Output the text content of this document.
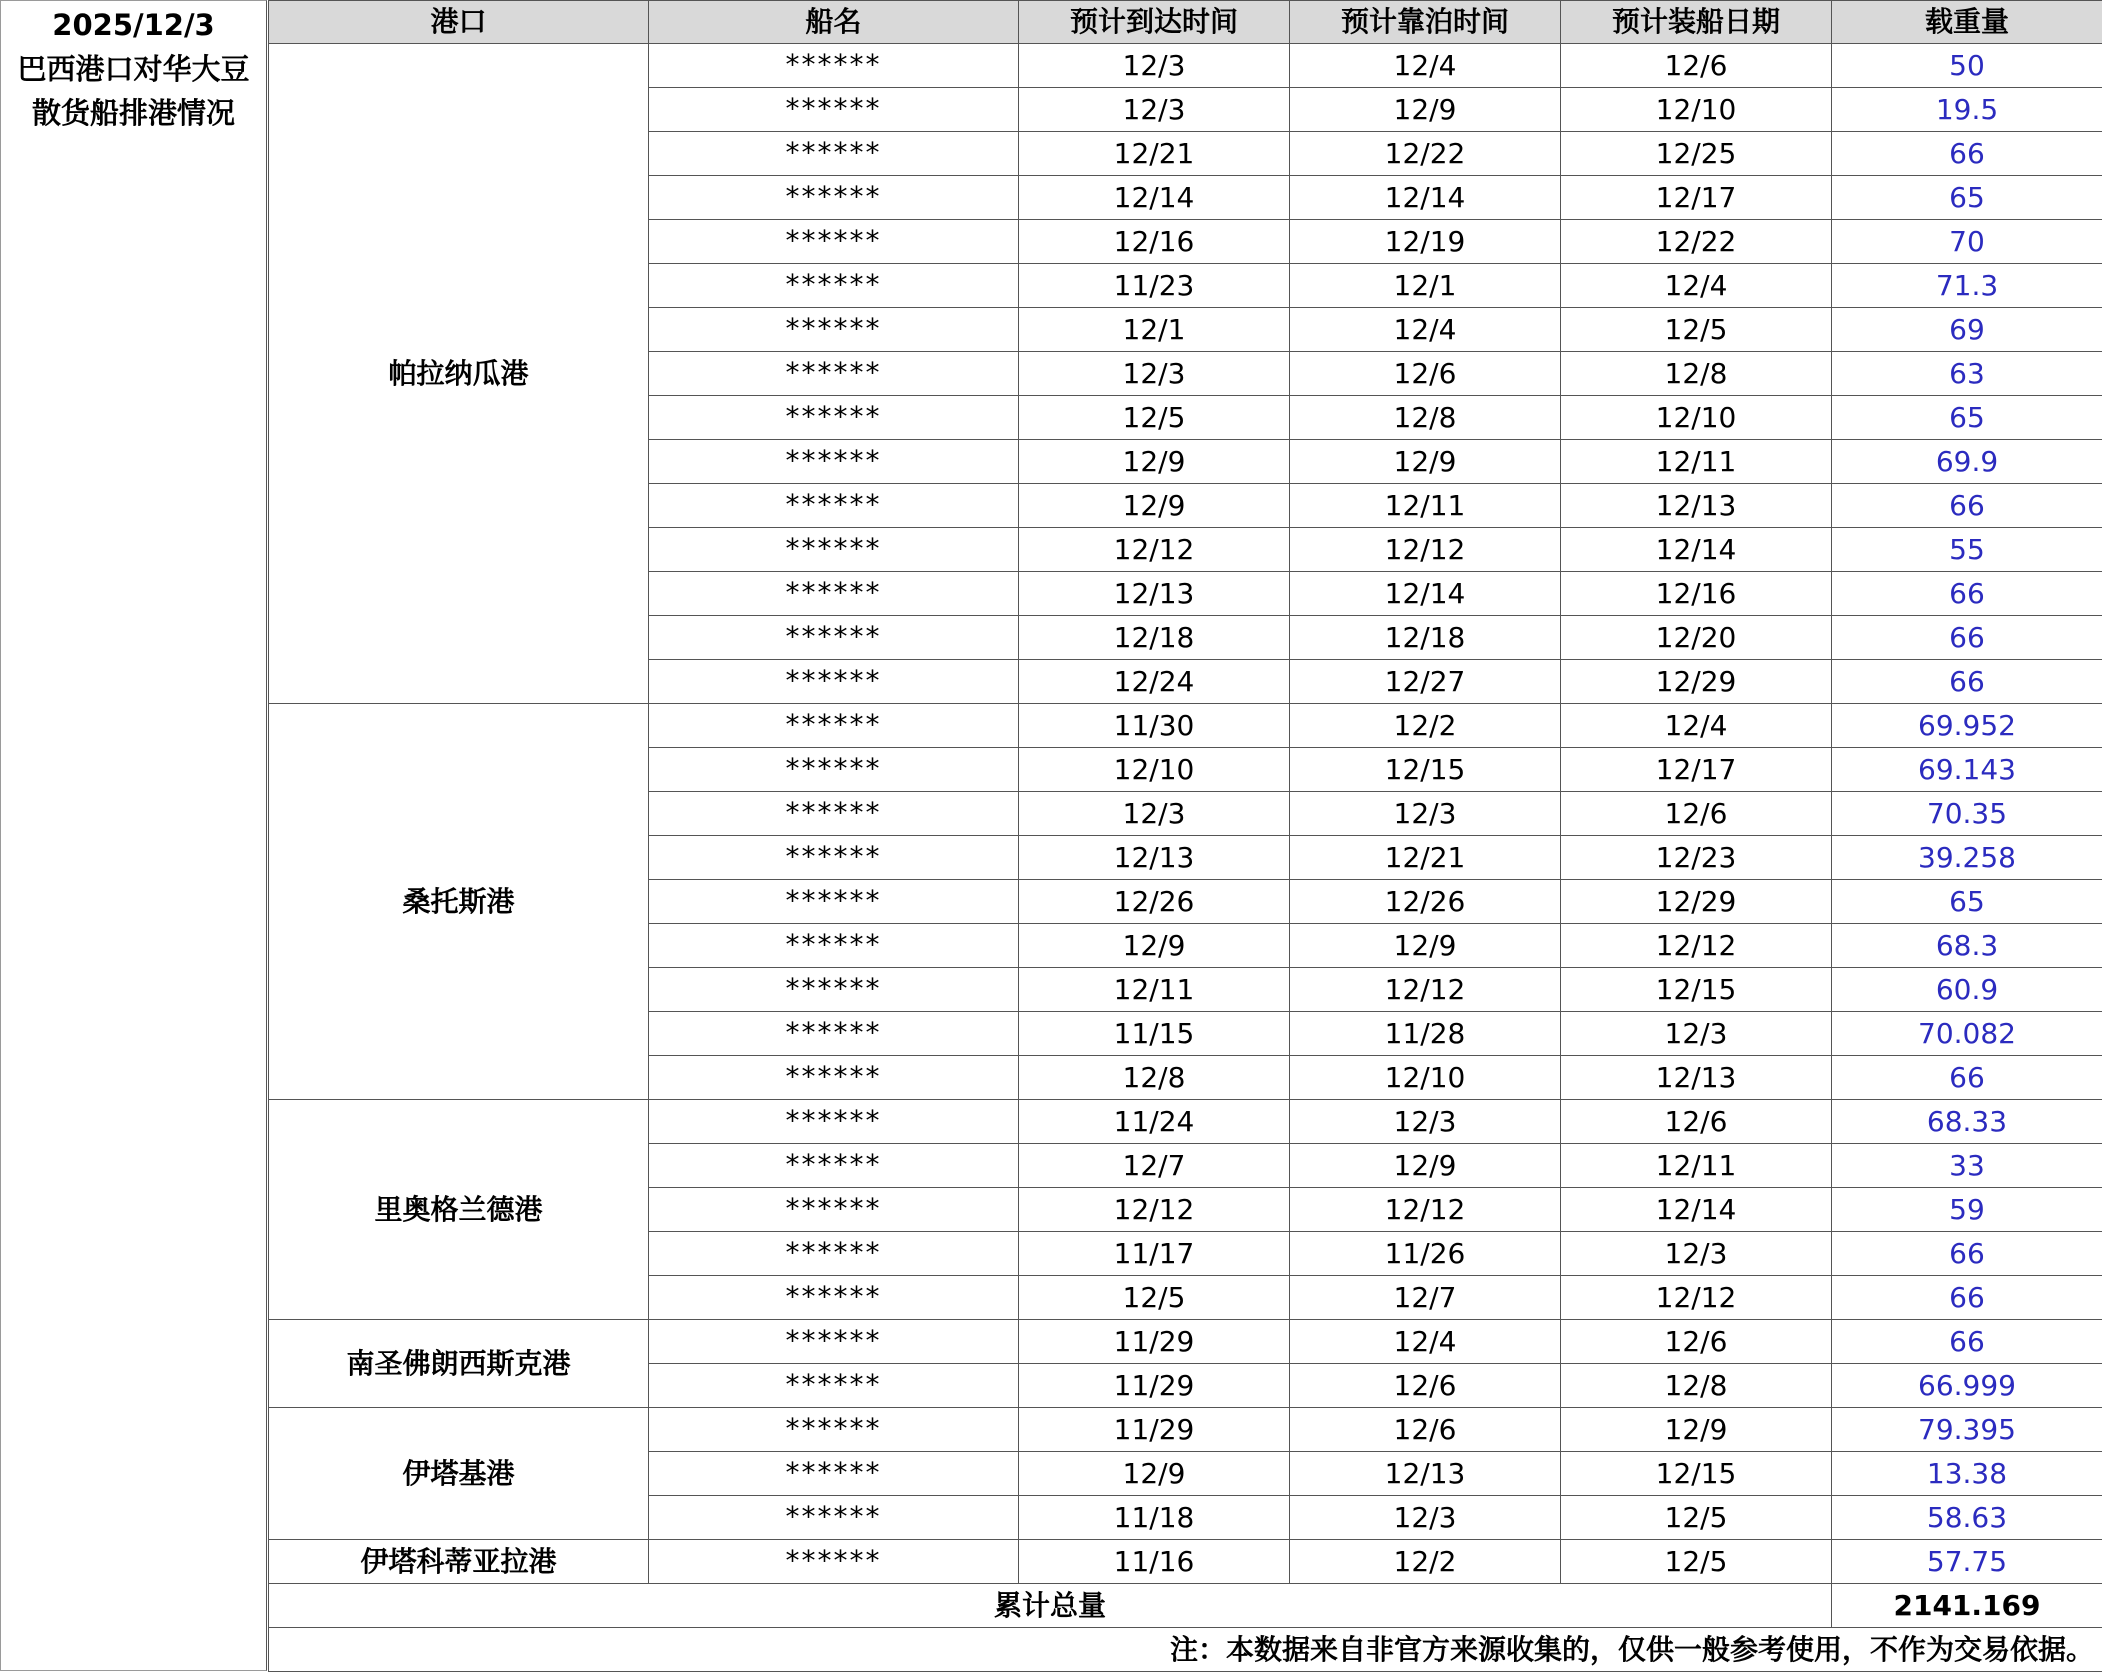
2025/12/3
巴西港口对华大豆
散货船排港情况
港口	船名	预计到达时间	预计靠泊时间	预计装船日期	载重量
帕拉纳瓜港	******	12/3	12/4	12/6	50

	******	12/3	12/9	12/10	19.5

	******	12/21	12/22	12/25	66

	******	12/14	12/14	12/17	65

	******	12/16	12/19	12/22	70

	******	11/23	12/1	12/4	71.3

	******	12/1	12/4	12/5	69

	******	12/3	12/6	12/8	63

	******	12/5	12/8	12/10	65

	******	12/9	12/9	12/11	69.9

	******	12/9	12/11	12/13	66

	******	12/12	12/12	12/14	55

	******	12/13	12/14	12/16	66

	******	12/18	12/18	12/20	66

	******	12/24	12/27	12/29	66
桑托斯港	******	11/30	12/2	12/4	69.952

	******	12/10	12/15	12/17	69.143

	******	12/3	12/3	12/6	70.35

	******	12/13	12/21	12/23	39.258

	******	12/26	12/26	12/29	65

	******	12/9	12/9	12/12	68.3

	******	12/11	12/12	12/15	60.9

	******	11/15	11/28	12/3	70.082

	******	12/8	12/10	12/13	66
里奥格兰德港	******	11/24	12/3	12/6	68.33

	******	12/7	12/9	12/11	33

	******	12/12	12/12	12/14	59

	******	11/17	11/26	12/3	66

	******	12/5	12/7	12/12	66
南圣佛朗西斯克港	******	11/29	12/4	12/6	66

	******	11/29	12/6	12/8	66.999
伊塔基港	******	11/29	12/6	12/9	79.395

	******	12/9	12/13	12/15	13.38

	******	11/18	12/3	12/5	58.63
伊塔科蒂亚拉港	******	11/16	12/2	12/5	57.75
累计总量					2141.169
注：本数据来自非官方来源收集的，仅供一般参考使用，不作为交易依据。					
